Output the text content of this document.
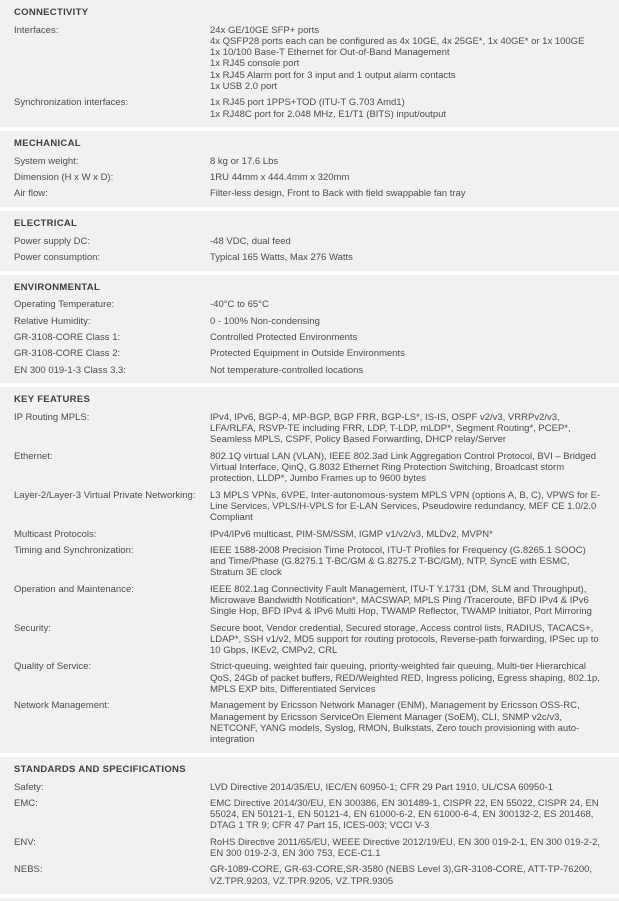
CONNECTIVITY
Interfaces:	24x GE/10GE SFP+ ports
4x QSFP28 ports each can be configured as 4x 10GE, 4x 25GE*, 1x 40GE* or 1x 100GE
1x 10/100 Base-T Ethernet for Out-of-Band Management
1x RJ45 console port
1x RJ45 Alarm port for 3 input and 1 output alarm contacts
1x USB 2.0 port
Synchronization interfaces:	1x RJ45 port 1PPS+TOD (ITU-T G.703 Amd1)
1x RJ48C port for 2.048 MHz, E1/T1 (BITS) input/output
MECHANICAL
System weight:	8 kg or 17.6 Lbs
Dimension (H x W x D):	1RU 44mm x 444.4mm x 320mm
Air flow:	Filter-less design, Front to Back with field swappable fan tray
ELECTRICAL
Power supply DC:	-48 VDC, dual feed
Power consumption:	Typical 165 Watts, Max 276 Watts
ENVIRONMENTAL
Operating Temperature:	-40°C to 65°C
Relative Humidity:	0 - 100% Non-condensing
GR-3108-CORE Class 1:	Controlled Protected Environments
GR-3108-CORE Class 2:	Protected Equipment in Outside Environments
EN 300 019-1-3 Class 3.3:	Not temperature-controlled locations
KEY FEATURES
IP Routing MPLS:	IPv4, IPv6, BGP-4, MP-BGP, BGP FRR, BGP-LS*, IS-IS, OSPF v2/v3, VRRPv2/v3, LFA/RLFA, RSVP-TE including FRR, LDP, T-LDP, mLDP*, Segment Routing*, PCEP*, Seamless MPLS, CSPF, Policy Based Forwarding, DHCP relay/Server
Ethernet:	802.1Q virtual LAN (VLAN), IEEE 802.3ad Link Aggregation Control Protocol, BVI – Bridged Virtual Interface, QinQ, G.8032 Ethernet Ring Protection Switching, Broadcast storm protection, LLDP*, Jumbo Frames up to 9600 bytes
Layer-2/Layer-3 Virtual Private Networking:	L3 MPLS VPNs, 6VPE, Inter-autonomous-system MPLS VPN (options A, B, C), VPWS for E-Line Services, VPLS/H-VPLS for E-LAN Services, Pseudowire redundancy, MEF CE 1.0/2.0 Compliant
Multicast Protocols:	IPv4/IPv6 multicast, PIM-SM/SSM, IGMP v1/v2/v3, MLDv2, MVPN*
Timing and Synchronization:	IEEE 1588-2008 Precision Time Protocol, ITU-T Profiles for Frequency (G.8265.1 SOOC) and Time/Phase (G.8275.1 T-BC/GM & G.8275.2 T-BC/GM), NTP, SyncE with ESMC, Stratum 3E clock
Operation and Maintenance:	IEEE 802.1ag Connectivity Fault Management, ITU-T Y.1731 (DM, SLM and Throughput), Microwave Bandwidth Notification*, MACSWAP, MPLS Ping /Traceroute, BFD IPv4 & IPv6 Single Hop, BFD IPv4 & IPv6 Multi Hop, TWAMP Reflector, TWAMP Initiator, Port Mirroring
Security:	Secure boot, Vendor credential, Secured storage, Access control lists, RADIUS, TACACS+, LDAP*, SSH v1/v2, MD5 support for routing protocols, Reverse-path forwarding, IPSec up to 10 Gbps, IKEv2, CMPv2, CRL
Quality of Service:	Strict-queuing, weighted fair queuing, priority-weighted fair queuing, Multi-tier Hierarchical QoS, 24Gb of packet buffers, RED/Weighted RED, Ingress policing, Egress shaping, 802.1p, MPLS EXP bits, Differentiated Services
Network Management:	Management by Ericsson Network Manager (ENM), Management by Ericsson OSS-RC, Management by Ericsson ServiceOn Element Manager (SoEM), CLI, SNMP v2c/v3, NETCONF, YANG models, Syslog, RMON, Bulkstats, Zero touch provisioning with auto-integration
STANDARDS AND SPECIFICATIONS
Safety:	LVD Directive 2014/35/EU, IEC/EN 60950-1; CFR 29 Part 1910, UL/CSA 60950-1
EMC:	EMC Directive 2014/30/EU, EN 300386, EN 301489-1, CISPR 22, EN 55022, CISPR 24, EN 55024, EN 50121-1, EN 50121-4, EN 61000-6-2, EN 61000-6-4, EN 300132-2, ES 201468, DTAG 1 TR 9; CFR 47 Part 15, ICES-003; VCCI V-3
ENV:	RoHS Directive 2011/65/EU, WEEE Directive 2012/19/EU, EN 300 019-2-1, EN 300 019-2-2, EN 300 019-2-3, EN 300 753, ECE-C1.1
NEBS:	GR-1089-CORE, GR-63-CORE,SR-3580 (NEBS Level 3),GR-3108-CORE, ATT-TP-76200, VZ.TPR.9203, VZ.TPR.9205, VZ.TPR.9305
